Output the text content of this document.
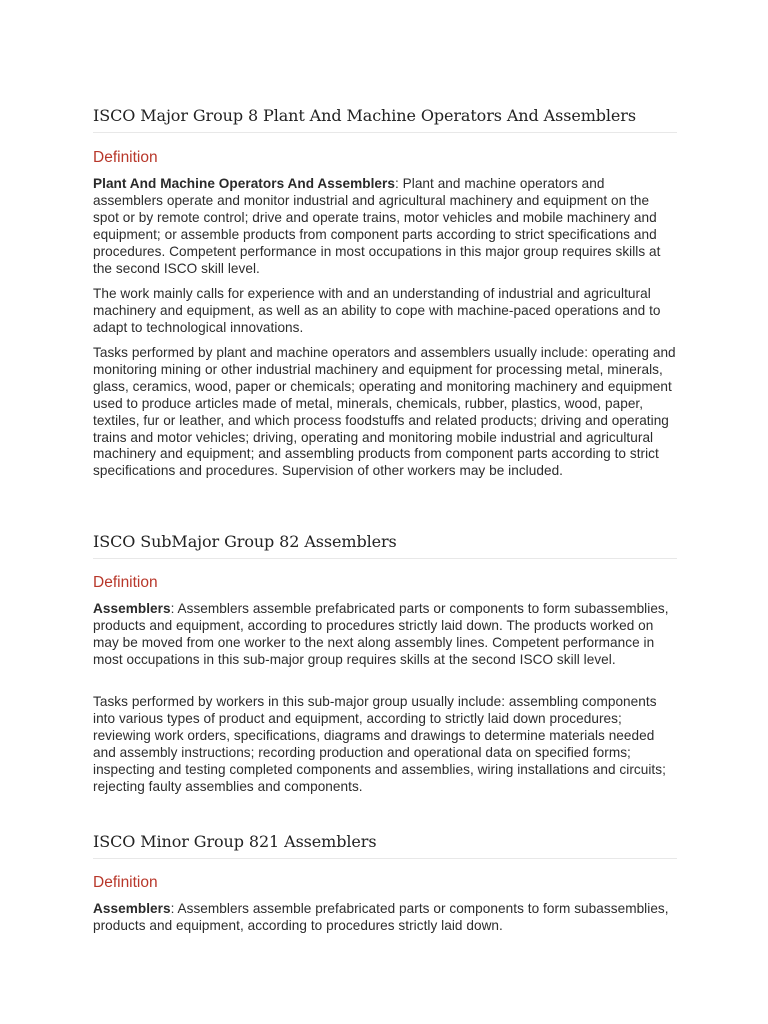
ISCO Major Group 8 Plant And Machine Operators And Assemblers
Definition

Plant And Machine Operators And Assemblers: Plant and machine operators and assemblers operate and monitor industrial and agricultural machinery and equipment on the spot or by remote control; drive and operate trains, motor vehicles and mobile machinery and equipment; or assemble products from component parts according to strict specifications and procedures. Competent performance in most occupations in this major group requires skills at the second ISCO skill level.

The work mainly calls for experience with and an understanding of industrial and agricultural machinery and equipment, as well as an ability to cope with machine-paced operations and to adapt to technological innovations.

Tasks performed by plant and machine operators and assemblers usually include: operating and monitoring mining or other industrial machinery and equipment for processing metal, minerals, glass, ceramics, wood, paper or chemicals; operating and monitoring machinery and equipment used to produce articles made of metal, minerals, chemicals, rubber, plastics, wood, paper, textiles, fur or leather, and which process foodstuffs and related products; driving and operating trains and motor vehicles; driving, operating and monitoring mobile industrial and agricultural machinery and equipment; and assembling products from component parts according to strict specifications and procedures. Supervision of other workers may be included.

ISCO SubMajor Group 82 Assemblers
Definition

Assemblers: Assemblers assemble prefabricated parts or components to form subassemblies, products and equipment, according to procedures strictly laid down. The products worked on may be moved from one worker to the next along assembly lines. Competent performance in most occupations in this sub-major group requires skills at the second ISCO skill level.

Tasks performed by workers in this sub-major group usually include: assembling components into various types of product and equipment, according to strictly laid down procedures; reviewing work orders, specifications, diagrams and drawings to determine materials needed and assembly instructions; recording production and operational data on specified forms; inspecting and testing completed components and assemblies, wiring installations and circuits; rejecting faulty assemblies and components.

ISCO Minor Group 821 Assemblers
Definition

Assemblers: Assemblers assemble prefabricated parts or components to form subassemblies, products and equipment, according to procedures strictly laid down.
